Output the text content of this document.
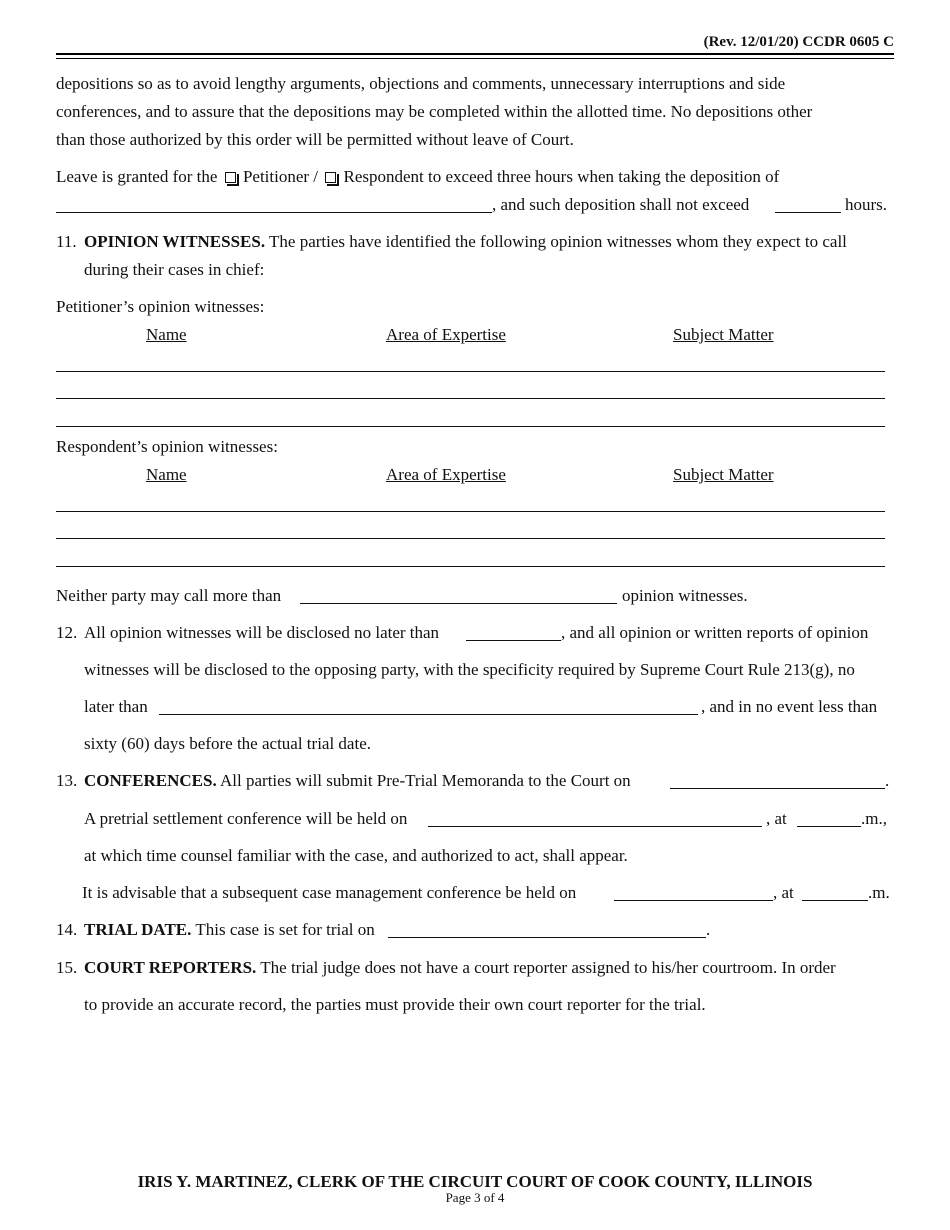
(Rev. 12/01/20) CCDR 0605 C
depositions so as to avoid lengthy arguments, objections and comments, unnecessary interruptions and side
conferences, and to assure that the depositions may be completed within the allotted time. No depositions other
than those authorized by this order will be permitted without leave of Court.
Leave is granted for the Petitioner / Respondent to exceed three hours when taking the deposition of
, and such deposition shall not exceed	hours.
11. OPINION WITNESSES. The parties have identified the following opinion witnesses whom they expect to call
during their cases in chief:
Petitioner’s opinion witnesses:
Name	Area of Expertise	Subject Matter
Respondent’s opinion witnesses:
Name	Area of Expertise	Subject Matter
Neither party may call more than	opinion witnesses.
12. All opinion witnesses will be disclosed no later than	, and all opinion or written reports of opinion
witnesses will be disclosed to the opposing party, with the specificity required by Supreme Court Rule 213(g), no
later than	, and in no event less than
sixty (60) days before the actual trial date.
13. CONFERENCES. All parties will submit Pre-Trial Memoranda to the Court on	.
A pretrial settlement conference will be held on	, at	.m.,
at which time counsel familiar with the case, and authorized to act, shall appear.
It is advisable that a subsequent case management conference be held on	, at	.m.
14. TRIAL DATE. This case is set for trial on	.
15. COURT REPORTERS. The trial judge does not have a court reporter assigned to his/her courtroom. In order
to provide an accurate record, the parties must provide their own court reporter for the trial.
IRIS Y. MARTINEZ, CLERK OF THE CIRCUIT COURT OF COOK COUNTY, ILLINOIS
Page 3 of 4
